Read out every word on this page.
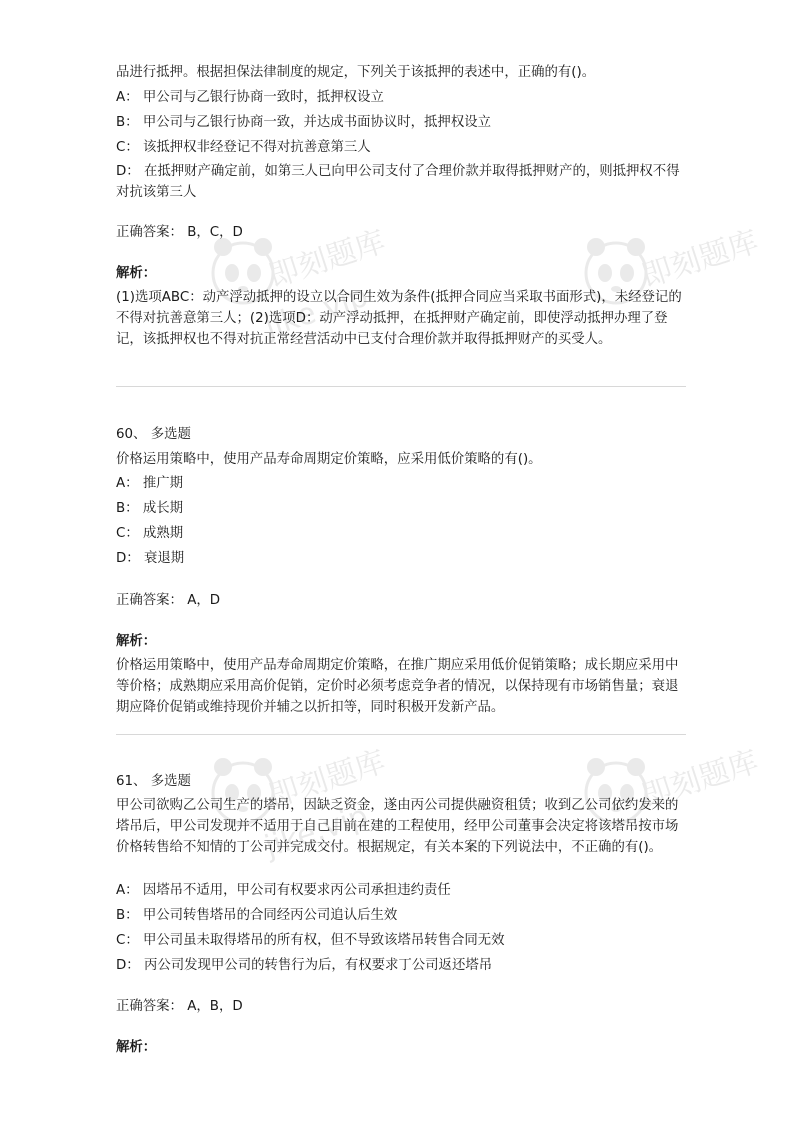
即刻题库
jike.vip
即刻题库
即刻题库
jike.vip
即刻题库
品进行抵押。根据担保法律制度的规定，下列关于该抵押的表述中，正确的有()。
A： 甲公司与乙银行协商一致时，抵押权设立
B： 甲公司与乙银行协商一致，并达成书面协议时，抵押权设立
C： 该抵押权非经登记不得对抗善意第三人
D： 在抵押财产确定前，如第三人已向甲公司支付了合理价款并取得抵押财产的，则抵押权不得对抗该第三人
正确答案： B，C，D
解析：
(1)选项ABC：动产浮动抵押的设立以合同生效为条件(抵押合同应当采取书面形式)，未经登记的不得对抗善意第三人；(2)选项D：动产浮动抵押，在抵押财产确定前，即使浮动抵押办理了登记，该抵押权也不得对抗正常经营活动中已支付合理价款并取得抵押财产的买受人。
60、 多选题
价格运用策略中，使用产品寿命周期定价策略，应采用低价策略的有()。
A： 推广期
B： 成长期
C： 成熟期
D： 衰退期
正确答案： A，D
解析：
价格运用策略中，使用产品寿命周期定价策略，在推广期应采用低价促销策略；成长期应采用中等价格；成熟期应采用高价促销，定价时必须考虑竞争者的情况，以保持现有市场销售量；衰退期应降价促销或维持现价并辅之以折扣等，同时积极开发新产品。
61、 多选题
甲公司欲购乙公司生产的塔吊，因缺乏资金，遂由丙公司提供融资租赁；收到乙公司依约发来的塔吊后，甲公司发现并不适用于自己目前在建的工程使用，经甲公司董事会决定将该塔吊按市场价格转售给不知情的丁公司并完成交付。根据规定，有关本案的下列说法中，不正确的有()。
A： 因塔吊不适用，甲公司有权要求丙公司承担违约责任
B： 甲公司转售塔吊的合同经丙公司追认后生效
C： 甲公司虽未取得塔吊的所有权，但不导致该塔吊转售合同无效
D： 丙公司发现甲公司的转售行为后，有权要求丁公司返还塔吊
正确答案： A，B，D
解析：
